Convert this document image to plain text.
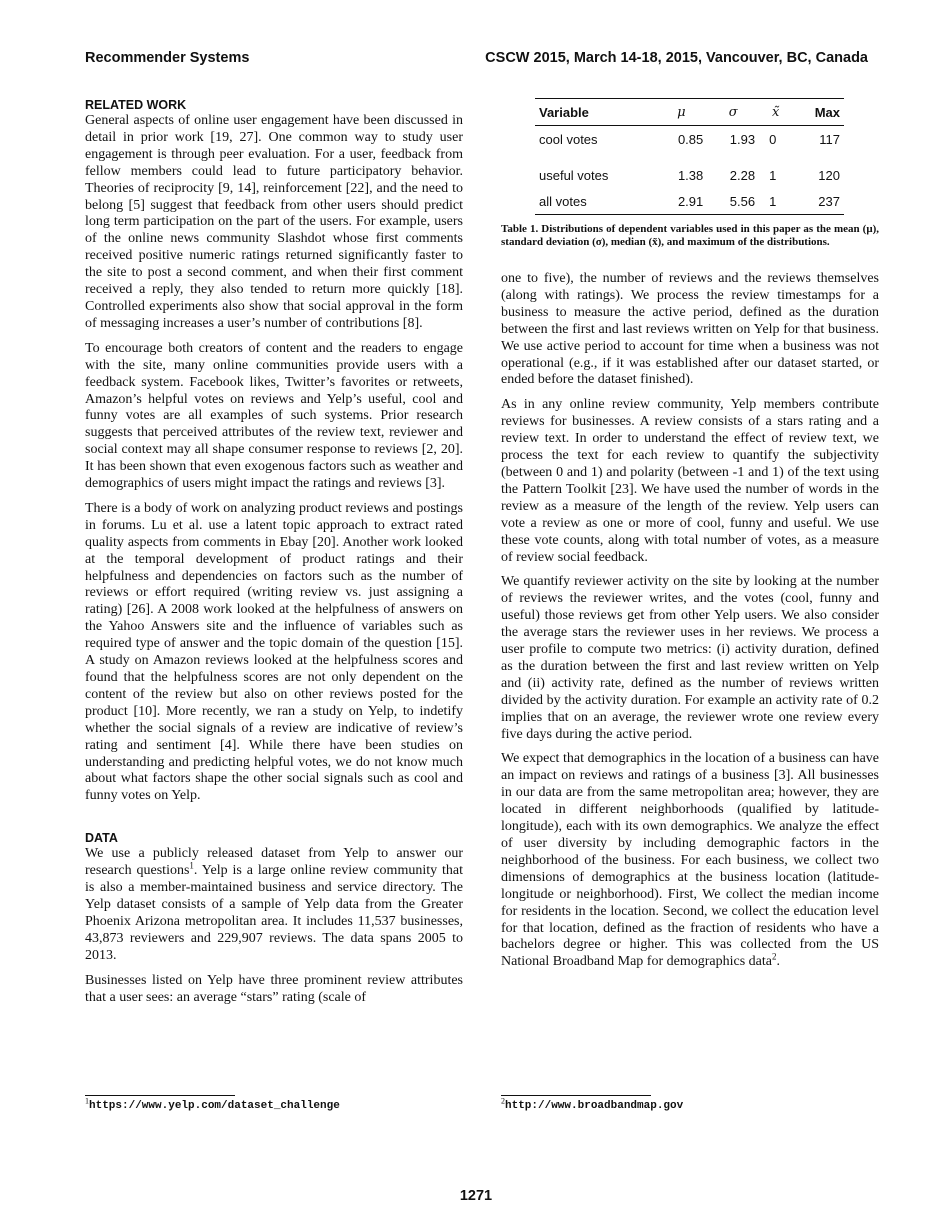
Recommender Systems	CSCW 2015, March 14-18, 2015, Vancouver, BC, Canada
RELATED WORK

General aspects of online user engagement have been discussed in detail in prior work [19, 27]. One common way to study user engagement is through peer evaluation. For a user, feedback from fellow members could lead to future participatory behavior. Theories of reciprocity [9, 14], reinforcement [22], and the need to belong [5] suggest that feedback from other users should predict long term participation on the part of the users. For example, users of the online news community Slashdot whose first comments received positive numeric ratings returned significantly faster to the site to post a second comment, and when their first comment received a reply, they also tended to return more quickly [18]. Controlled experiments also show that social approval in the form of messaging increases a user’s number of contributions [8].

To encourage both creators of content and the readers to engage with the site, many online communities provide users with a feedback system. Facebook likes, Twitter’s favorites or retweets, Amazon’s helpful votes on reviews and Yelp’s useful, cool and funny votes are all examples of such systems. Prior research suggests that perceived attributes of the review text, reviewer and social context may all shape consumer response to reviews [2, 20]. It has been shown that even exogenous factors such as weather and demographics of users might impact the ratings and reviews [3].

There is a body of work on analyzing product reviews and postings in forums. Lu et al. use a latent topic approach to extract rated quality aspects from comments in Ebay [20]. Another work looked at the temporal development of product ratings and their helpfulness and dependencies on factors such as the number of reviews or effort required (writing review vs. just assigning a rating) [26]. A 2008 work looked at the helpfulness of answers on the Yahoo Answers site and the influence of variables such as required type of answer and the topic domain of the question [15]. A study on Amazon reviews looked at the helpfulness scores and found that the helpfulness scores are not only dependent on the content of the review but also on other reviews posted for the product [10]. More recently, we ran a study on Yelp, to indetify whether the social signals of a review are indicative of review’s rating and sentiment [4]. While there have been studies on understanding and predicting helpful votes, we do not know much about what factors shape the other social signals such as cool and funny votes on Yelp.

DATA

We use a publicly released dataset from Yelp to answer our research questions$^1$. Yelp is a large online review community that is also a member-maintained business and service directory. The Yelp dataset consists of a sample of Yelp data from the Greater Phoenix Arizona metropolitan area. It includes 11,537 businesses, 43,873 reviewers and 229,907 reviews. The data spans 2005 to 2013.

Businesses listed on Yelp have three prominent review attributes that a user sees: an average “stars” rating (scale of

Variable	μ	σ	x̃	Max
cool votes	0.85	1.93	0	117

useful votes	1.38	2.28	1	120
all votes	2.91	5.56	1	237
Table 1. Distributions of dependent variables used in this paper as the mean (μ), standard deviation (σ), median (x̃), and maximum of the distributions.

one to five), the number of reviews and the reviews themselves (along with ratings). We process the review timestamps for a business to measure the active period, defined as the duration between the first and last reviews written on Yelp for that business. We use active period to account for time when a business was not operational (e.g., if it was established after our dataset started, or ended before the dataset finished).

As in any online review community, Yelp members contribute reviews for businesses. A review consists of a stars rating and a review text. In order to understand the effect of review text, we process the text for each review to quantify the subjectivity (between 0 and 1) and polarity (between -1 and 1) of the text using the Pattern Toolkit [23]. We have used the number of words in the review as a measure of the length of the review. Yelp users can vote a review as one or more of cool, funny and useful. We use these vote counts, along with total number of votes, as a measure of review social feedback.

We quantify reviewer activity on the site by looking at the number of reviews the reviewer writes, and the votes (cool, funny and useful) those reviews get from other Yelp users. We also consider the average stars the reviewer uses in her reviews. We process a user profile to compute two metrics: (i) activity duration, defined as the duration between the first and last review written on Yelp and (ii) activity rate, defined as the number of reviews written divided by the activity duration. For example an activity rate of 0.2 implies that on an average, the reviewer wrote one review every five days during the active period.

We expect that demographics in the location of a business can have an impact on reviews and ratings of a business [3]. All businesses in our data are from the same metropolitan area; however, they are located in different neighborhoods (qualified by latitude-longitude), each with its own demographics. We analyze the effect of user diversity by including demographic factors in the neighborhood of the business. For each business, we collect two dimensions of demographics at the business location (latitude-longitude or neighborhood). First, We collect the median income for residents in the location. Second, we collect the education level for that location, defined as the fraction of residents who have a bachelors degree or higher. This was collected from the US National Broadband Map for demographics data$^2$.

$^1$https://www.yelp.com/dataset_challenge	$^2$http://www.broadbandmap.gov
1271
